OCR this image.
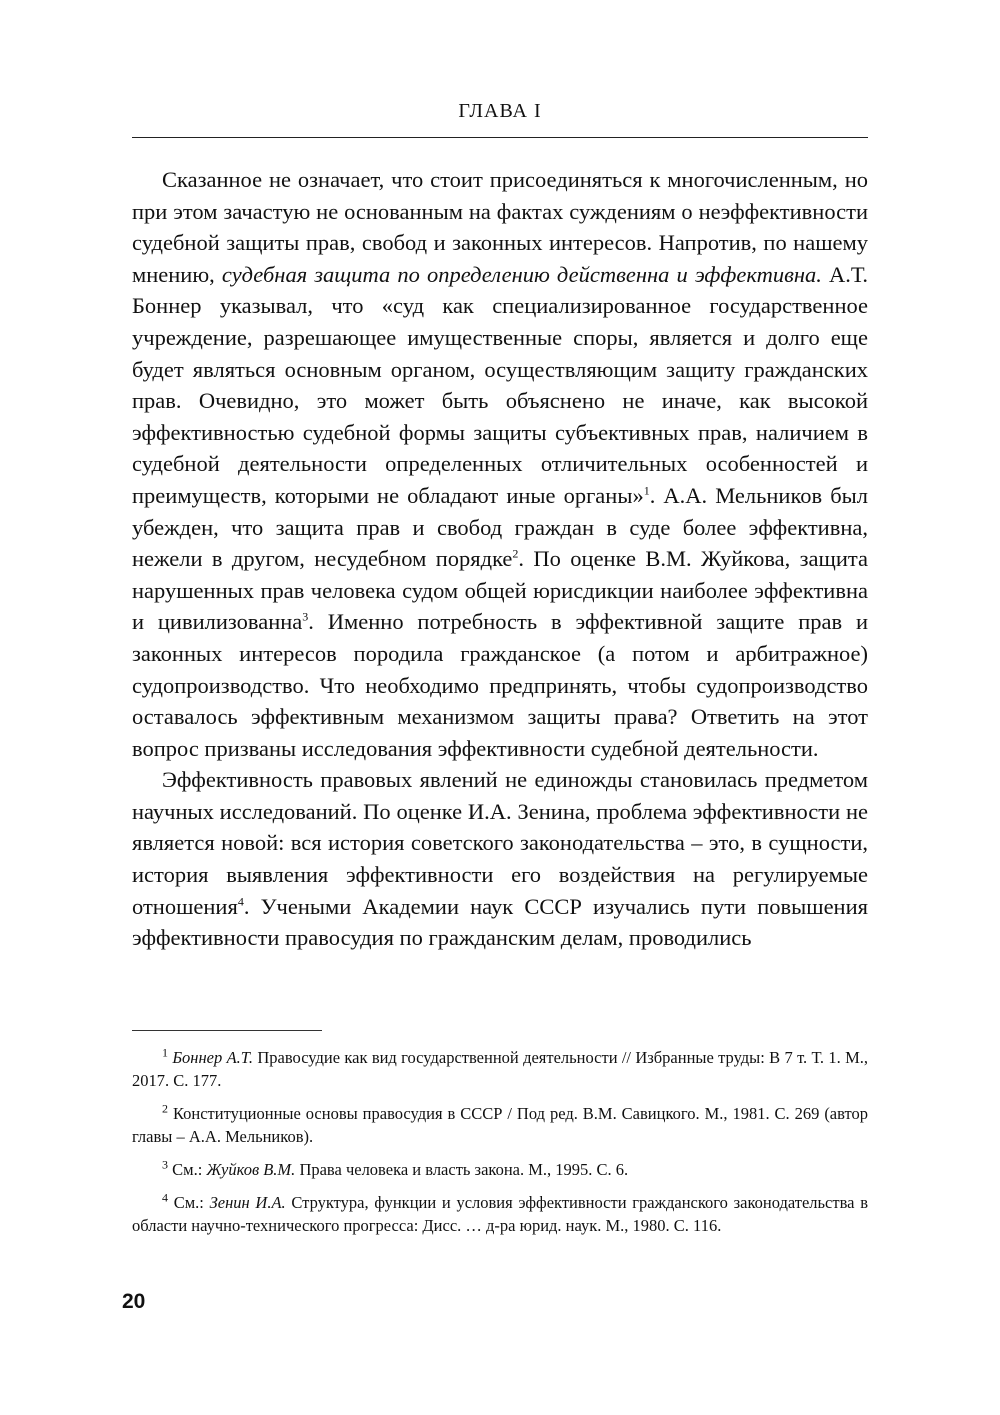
ГЛАВА I

Сказанное не означает, что стоит присоединяться к многочисленным, но при этом зачастую не основанным на фактах суждениям о неэффективности судебной защиты прав, свобод и законных интересов. Напротив, по нашему мнению, судебная защита по определению действенна и эффективна. А.Т. Боннер указывал, что «суд как специализированное государственное учреждение, разрешающее имущественные споры, является и долго еще будет являться основным органом, осуществляющим защиту гражданских прав. Очевидно, это может быть объяснено не иначе, как высокой эффективностью судебной формы защиты субъективных прав, наличием в судебной деятельности определенных отличительных особенностей и преимуществ, которыми не обладают иные органы»$^1$. А.А. Мельников был убежден, что защита прав и свобод граждан в суде более эффективна, нежели в другом, несудебном порядке$^2$. По оценке В.М. Жуйкова, защита нарушенных прав человека судом общей юрисдикции наиболее эффективна и цивилизованна$^3$. Именно потребность в эффективной защите прав и законных интересов породила гражданское (а потом и арбитражное) судопроизводство. Что необходимо предпринять, чтобы судопроизводство оставалось эффективным механизмом защиты права? Ответить на этот вопрос призваны исследования эффективности судебной деятельности.

Эффективность правовых явлений не единожды становилась предметом научных исследований. По оценке И.А. Зенина, проблема эффективности не является новой: вся история советского законодательства – это, в сущности, история выявления эффективности его воздействия на регулируемые отношения$^4$. Учеными Академии наук СССР изучались пути повышения эффективности правосудия по гражданским делам, проводились

$^1$ Боннер А.Т. Правосудие как вид государственной деятельности // Избранные труды: В 7 т. Т. 1. М., 2017. С. 177.

$^2$ Конституционные основы правосудия в СССР / Под ред. В.М. Савицкого. М., 1981. С. 269 (автор главы – А.А. Мельников).

$^3$ См.: Жуйков В.М. Права человека и власть закона. М., 1995. С. 6.

$^4$ См.: Зенин И.А. Структура, функции и условия эффективности гражданского законодательства в области научно-технического прогресса: Дисс. … д-ра юрид. наук. М., 1980. С. 116.

20
